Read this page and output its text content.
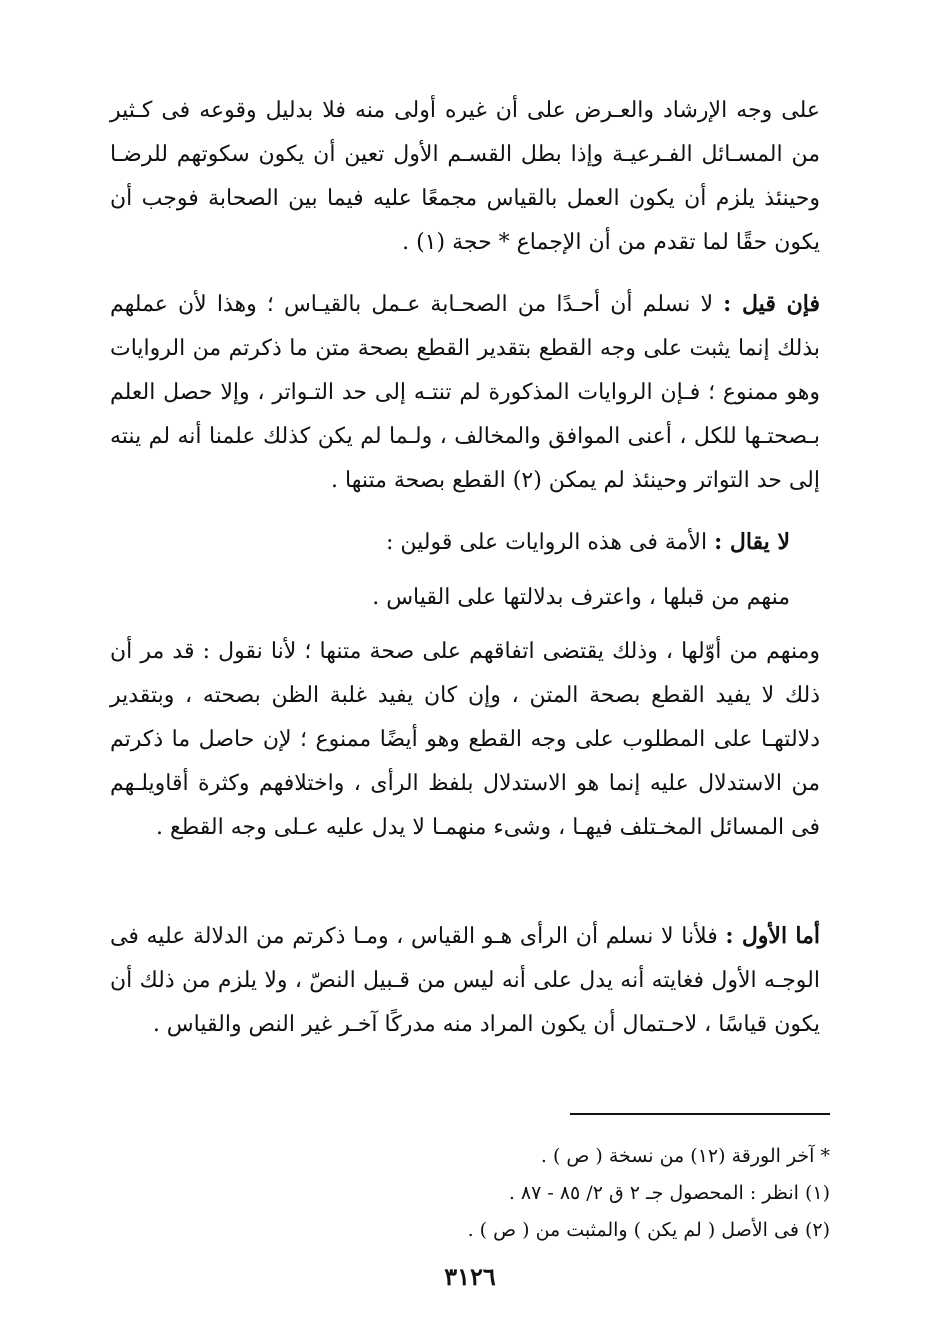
على وجه الإرشاد والعـرض على أن غيره أولى منه فلا بدليل وقوعه فى كـثير من المسـائل الفـرعيـة وإذا بطل القسـم الأول تعين أن يكون سكوتهم للرضـا وحينئذ يلزم أن يكون العمل بالقياس مجمعًا عليه فيما بين الصحابة فوجب أن يكون حقًا لما تقدم من أن الإجماع * حجة (١) .

فإن قيل : لا نسلم أن أحـدًا من الصحـابة عـمل بالقيـاس ؛ وهذا لأن عملهم بذلك إنما يثبت على وجه القطع بتقدير القطع بصحة متن ما ذكرتم من الروايات وهو ممنوع ؛ فـإن الروايات المذكورة لم تنتـه إلى حد التـواتر ، وإلا حصل العلم بـصحتـها للكل ، أعنى الموافق والمخالف ، ولـما لم يكن كذلك علمنا أنه لم ينته إلى حد التواتر وحينئذ لم يمكن (٢) القطع بصحة متنها .

لا يقال : الأمة فى هذه الروايات على قولين :

منهم من قبلها ، واعترف بدلالتها على القياس .

ومنهم من أوّلها ، وذلك يقتضى اتفاقهم على صحة متنها ؛ لأنا نقول : قد مر أن ذلك لا يفيد القطع بصحة المتن ، وإن كان يفيد غلبة الظن بصحته ، وبتقدير دلالتهـا على المطلوب على وجه القطع وهو أيضًا ممنوع ؛ لإن حاصل ما ذكرتم من الاستدلال عليه إنما هو الاستدلال بلفظ الرأى ، واختلافهم وكثرة أقاويلـهم فى المسائل المخـتلف فيهـا ، وشىء منهمـا لا يدل عليه عـلى وجه القطع .

أما الأول : فلأنا لا نسلم أن الرأى هـو القياس ، ومـا ذكرتم من الدلالة عليه فى الوجـه الأول فغايته أنه يدل على أنه ليس من قـبيل النصّ ، ولا يلزم من ذلك أن يكون قياسًا ، لاحـتمال أن يكون المراد منه مدركًا آخـر غير النص والقياس .

* آخر الورقة (١٢) من نسخة ( ص ) .

(١) انظر : المحصول جـ ٢ ق ٢/ ٨٥ - ٨٧ .

(٢) فى الأصل ( لم يكن ) والمثبت من ( ص ) .

٣١٢٦
